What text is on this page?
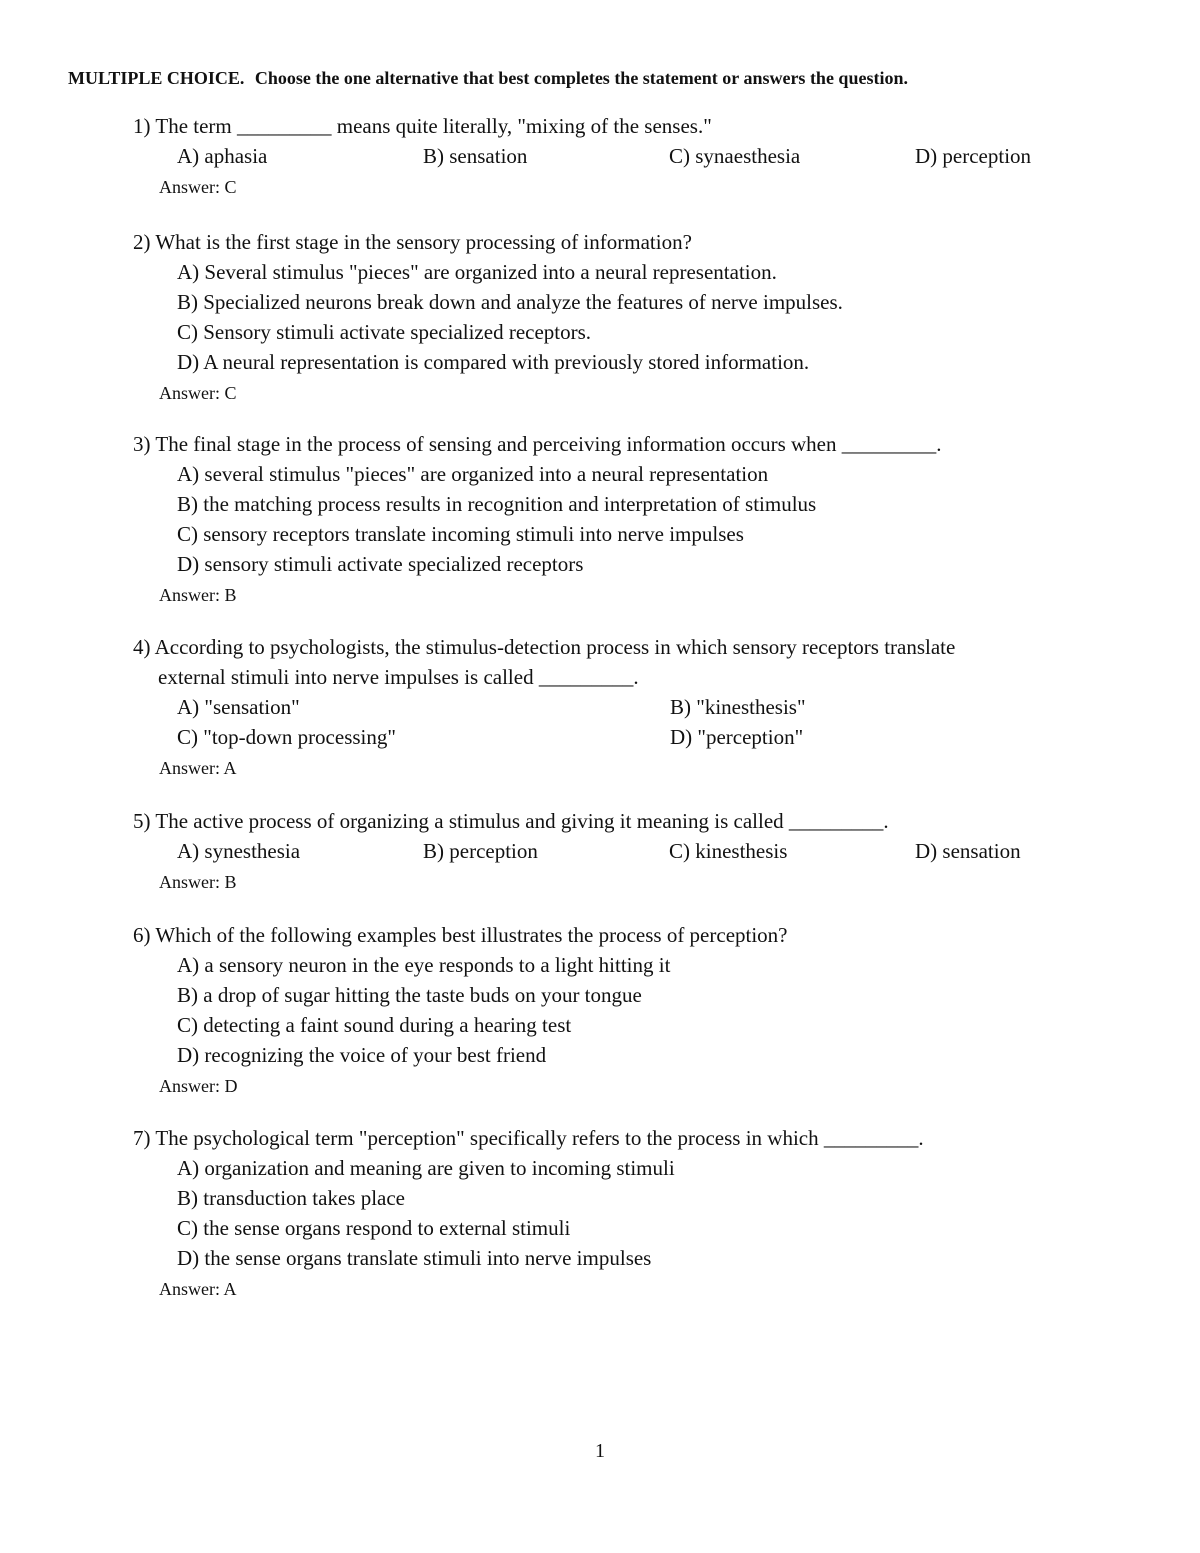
MULTIPLE CHOICE. Choose the one alternative that best completes the statement or answers the question.
1) The term _________ means quite literally, "mixing of the senses."
A) aphasia	B) sensation	C) synaesthesia	D) perception
Answer: C
2) What is the first stage in the sensory processing of information?
A) Several stimulus "pieces" are organized into a neural representation.
B) Specialized neurons break down and analyze the features of nerve impulses.
C) Sensory stimuli activate specialized receptors.
D) A neural representation is compared with previously stored information.
Answer: C
3) The final stage in the process of sensing and perceiving information occurs when _________.
A) several stimulus "pieces" are organized into a neural representation
B) the matching process results in recognition and interpretation of stimulus
C) sensory receptors translate incoming stimuli into nerve impulses
D) sensory stimuli activate specialized receptors
Answer: B
4) According to psychologists, the stimulus-detection process in which sensory receptors translate
external stimuli into nerve impulses is called _________.
A) "sensation"	B) "kinesthesis"
C) "top-down processing"	D) "perception"
Answer: A
5) The active process of organizing a stimulus and giving it meaning is called _________.
A) synesthesia	B) perception	C) kinesthesis	D) sensation
Answer: B
6) Which of the following examples best illustrates the process of perception?
A) a sensory neuron in the eye responds to a light hitting it
B) a drop of sugar hitting the taste buds on your tongue
C) detecting a faint sound during a hearing test
D) recognizing the voice of your best friend
Answer: D
7) The psychological term "perception" specifically refers to the process in which _________.
A) organization and meaning are given to incoming stimuli
B) transduction takes place
C) the sense organs respond to external stimuli
D) the sense organs translate stimuli into nerve impulses
Answer: A
1
